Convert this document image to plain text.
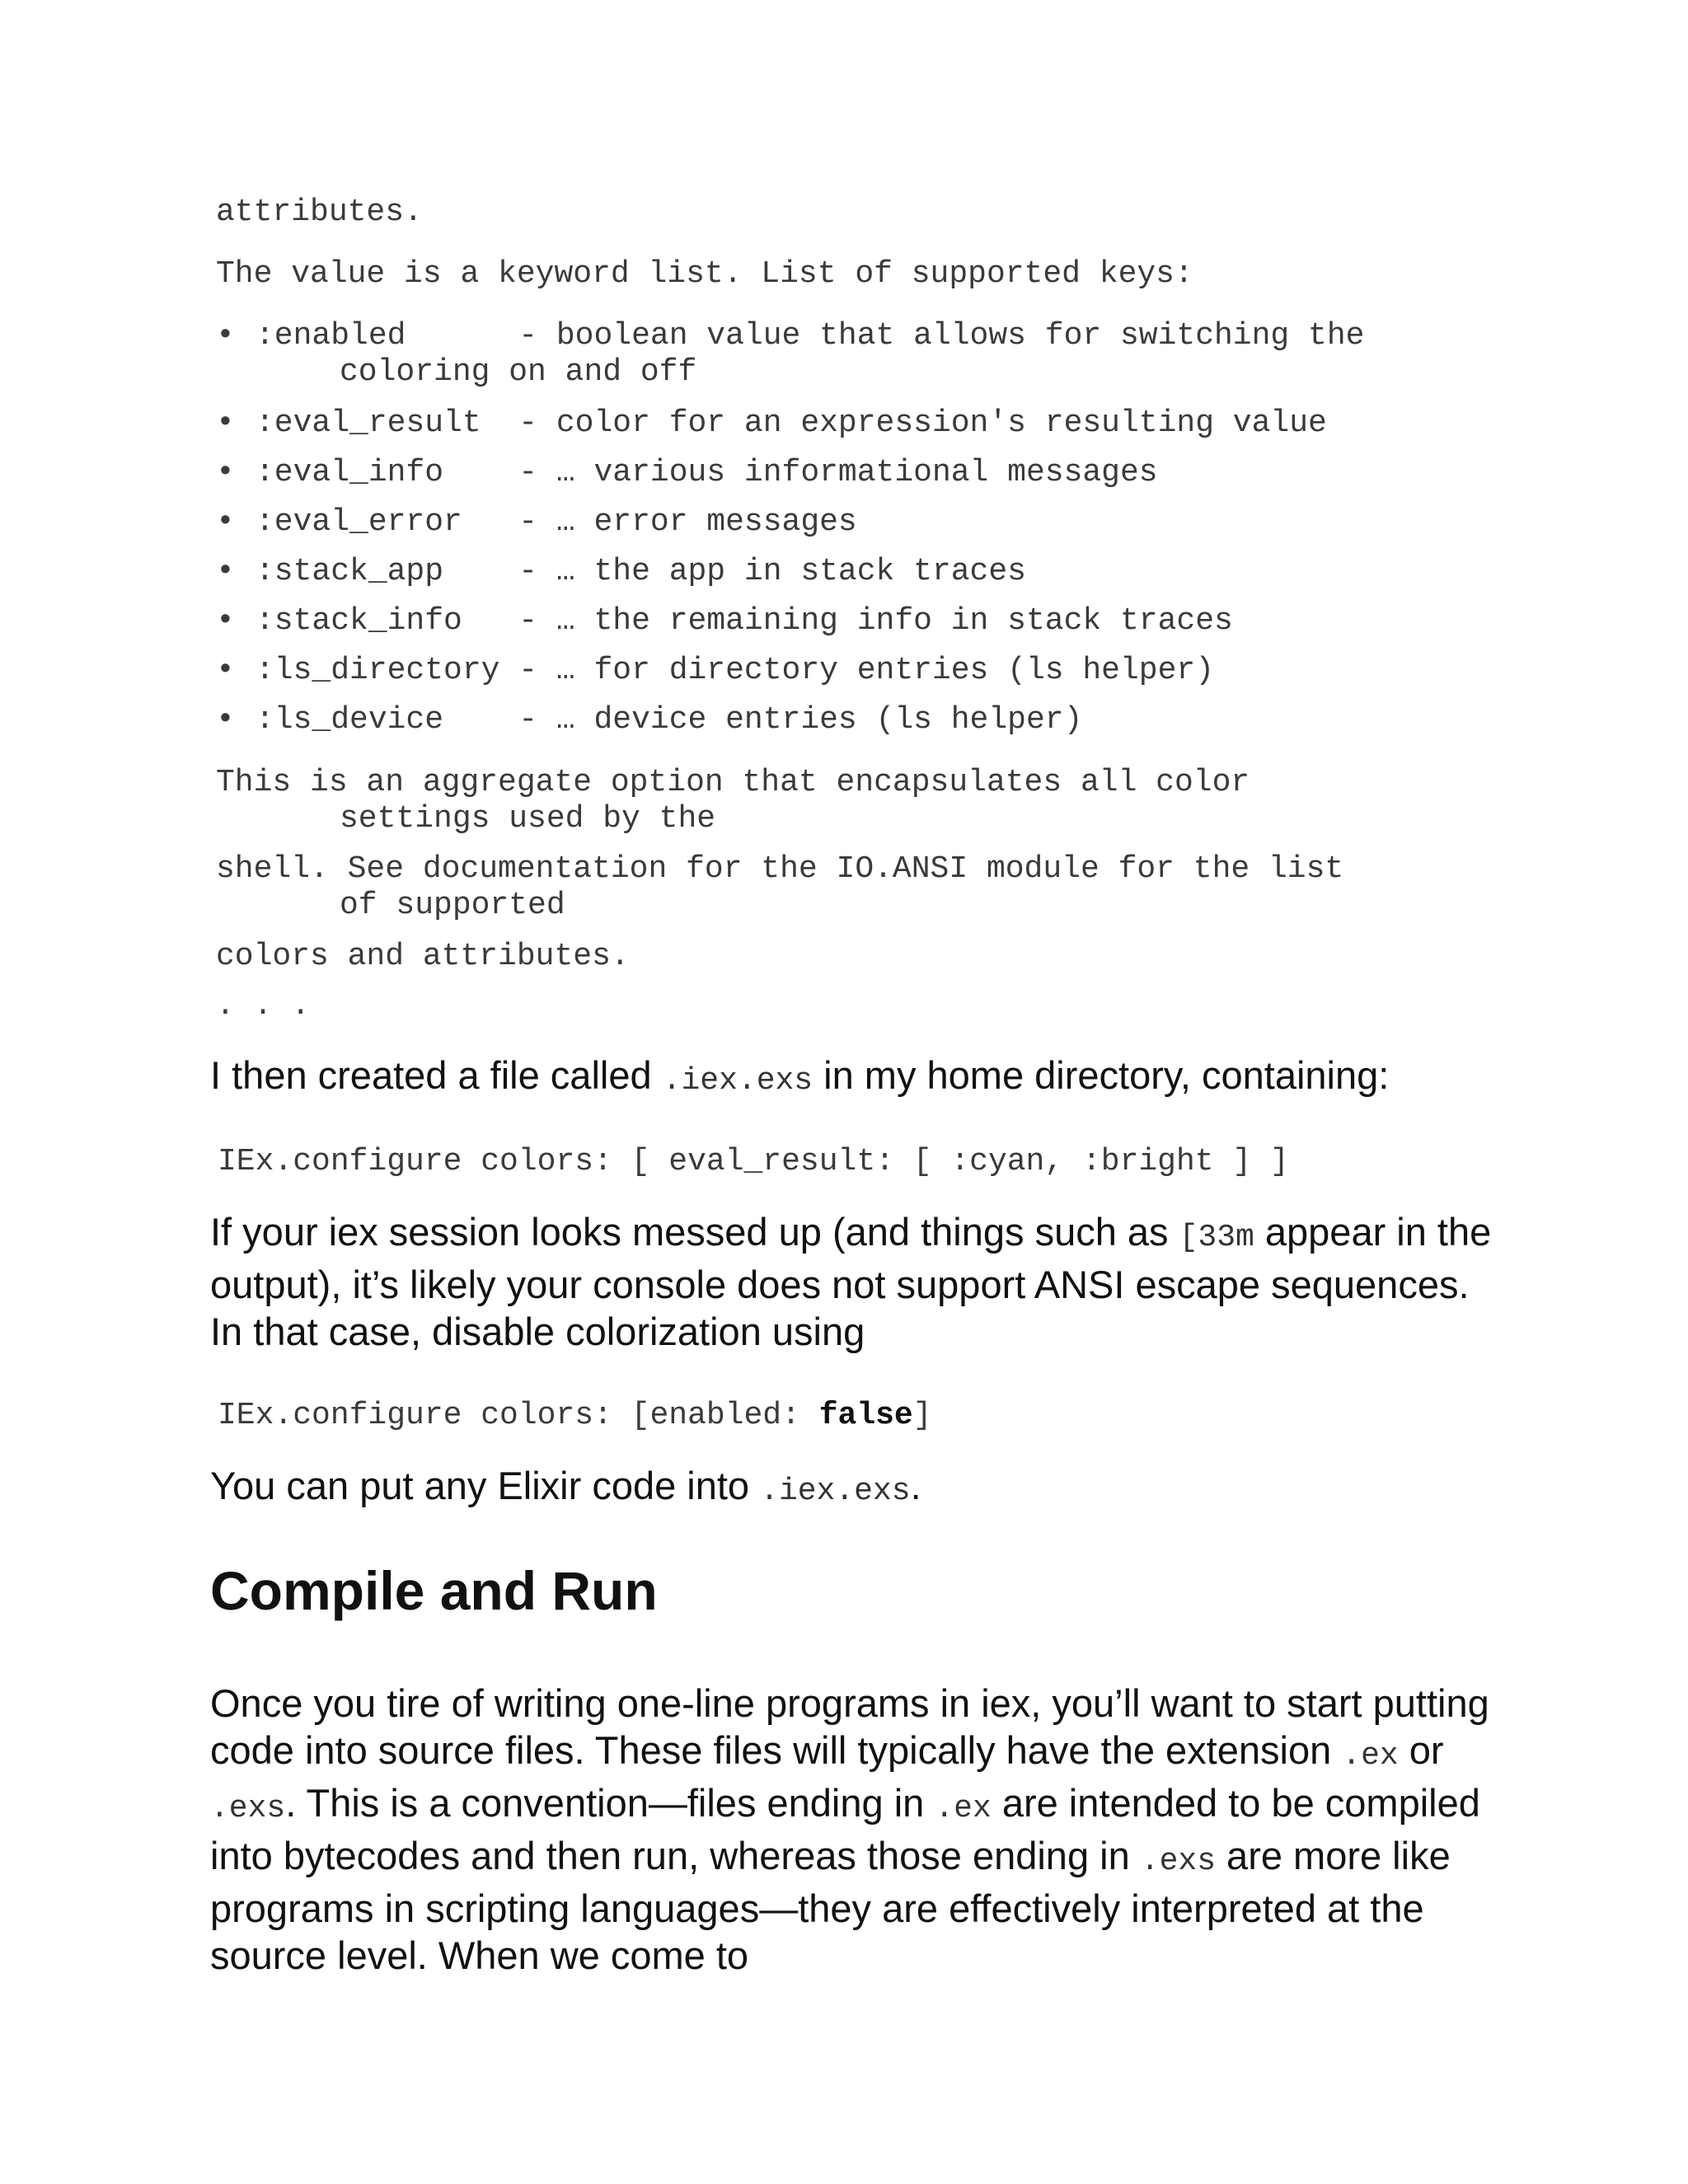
attributes.

The value is a keyword list. List of supported keys:

• :enabled	- boolean value that allows for switching the
coloring on and off
• :eval_result - color for an expression's resulting value
• :eval_info - … various informational messages
• :eval_error - … error messages
• :stack_app - … the app in stack traces
• :stack_info - … the remaining info in stack traces
• :ls_directory - … for directory entries (ls helper)
• :ls_device - … device entries (ls helper)
This is an aggregate option that encapsulates all color
settings used by the
shell. See documentation for the IO.ANSI module for the list
of supported

colors and attributes.

. . .

I then created a file called .iex.exs in my home directory, containing:

IEx.configure colors: [ eval_result: [ :cyan, :bright ] ]

If your iex session looks messed up (and things such as [33m appear in the output), it’s likely your console does not support ANSI escape sequences. In that case, disable colorization using

IEx.configure colors: [enabled: false]

You can put any Elixir code into .iex.exs.

Compile and Run

Once you tire of writing one-line programs in iex, you’ll want to start putting code into source files. These files will typically have the extension .ex or .exs. This is a convention—files ending in .ex are intended to be compiled into bytecodes and then run, whereas those ending in .exs are more like programs in scripting languages—they are effectively interpreted at the source level. When we come to
